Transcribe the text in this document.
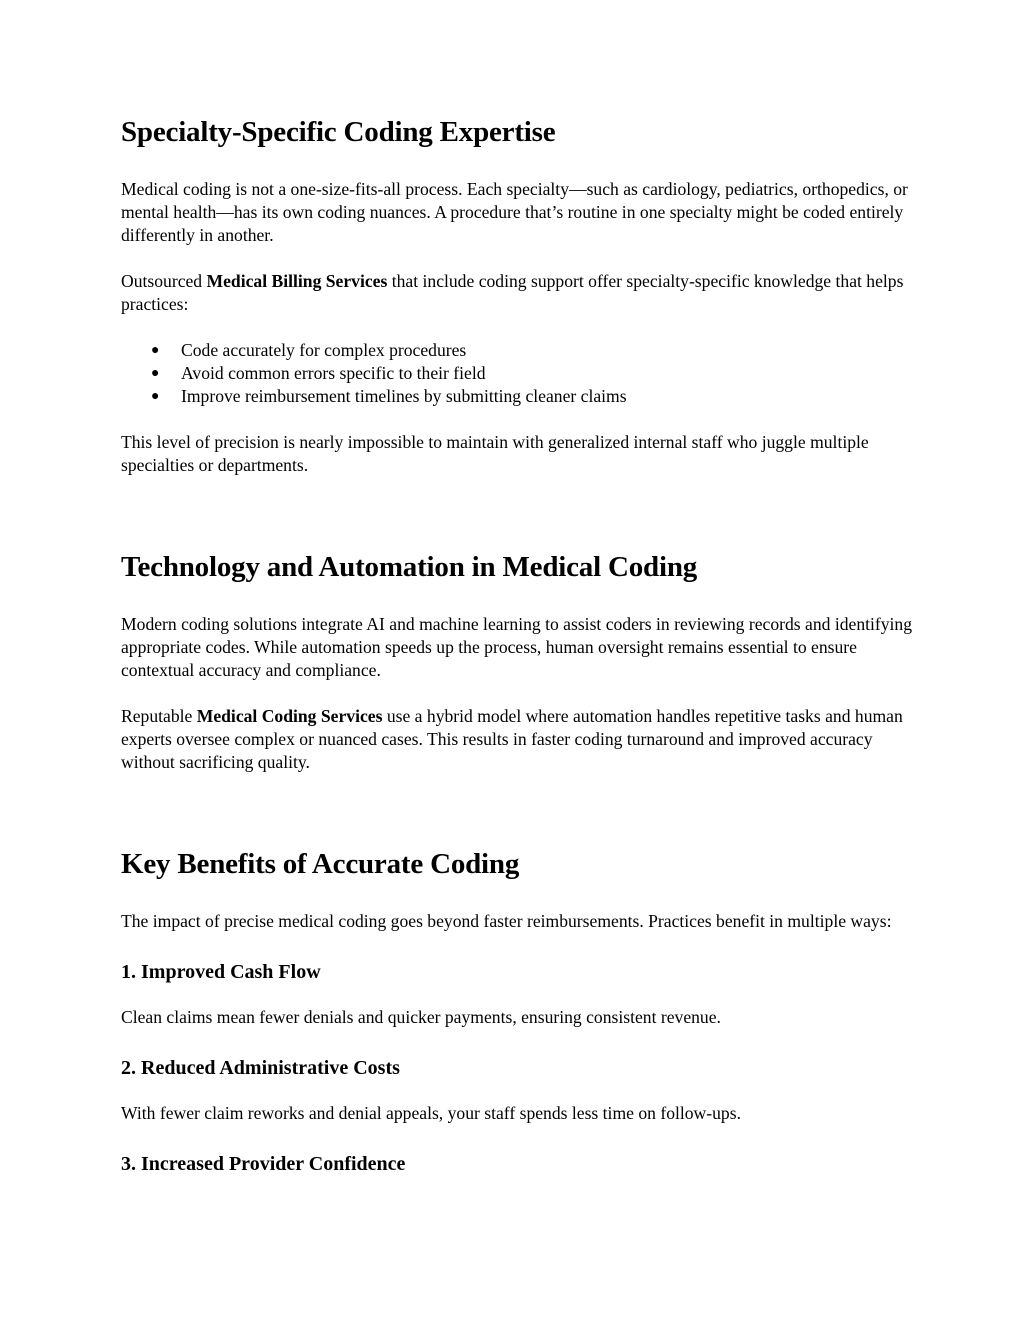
Specialty-Specific Coding Expertise

Medical coding is not a one-size-fits-all process. Each specialty—such as cardiology, pediatrics, orthopedics, or mental health—has its own coding nuances. A procedure that’s routine in one specialty might be coded entirely differently in another.

Outsourced Medical Billing Services that include coding support offer specialty-specific knowledge that helps practices:

● Code accurately for complex procedures
● Avoid common errors specific to their field
● Improve reimbursement timelines by submitting cleaner claims

This level of precision is nearly impossible to maintain with generalized internal staff who juggle multiple specialties or departments.

Technology and Automation in Medical Coding

Modern coding solutions integrate AI and machine learning to assist coders in reviewing records and identifying appropriate codes. While automation speeds up the process, human oversight remains essential to ensure contextual accuracy and compliance.

Reputable Medical Coding Services use a hybrid model where automation handles repetitive tasks and human experts oversee complex or nuanced cases. This results in faster coding turnaround and improved accuracy without sacrificing quality.

Key Benefits of Accurate Coding

The impact of precise medical coding goes beyond faster reimbursements. Practices benefit in multiple ways:

1. Improved Cash Flow

Clean claims mean fewer denials and quicker payments, ensuring consistent revenue.

2. Reduced Administrative Costs

With fewer claim reworks and denial appeals, your staff spends less time on follow-ups.

3. Increased Provider Confidence
